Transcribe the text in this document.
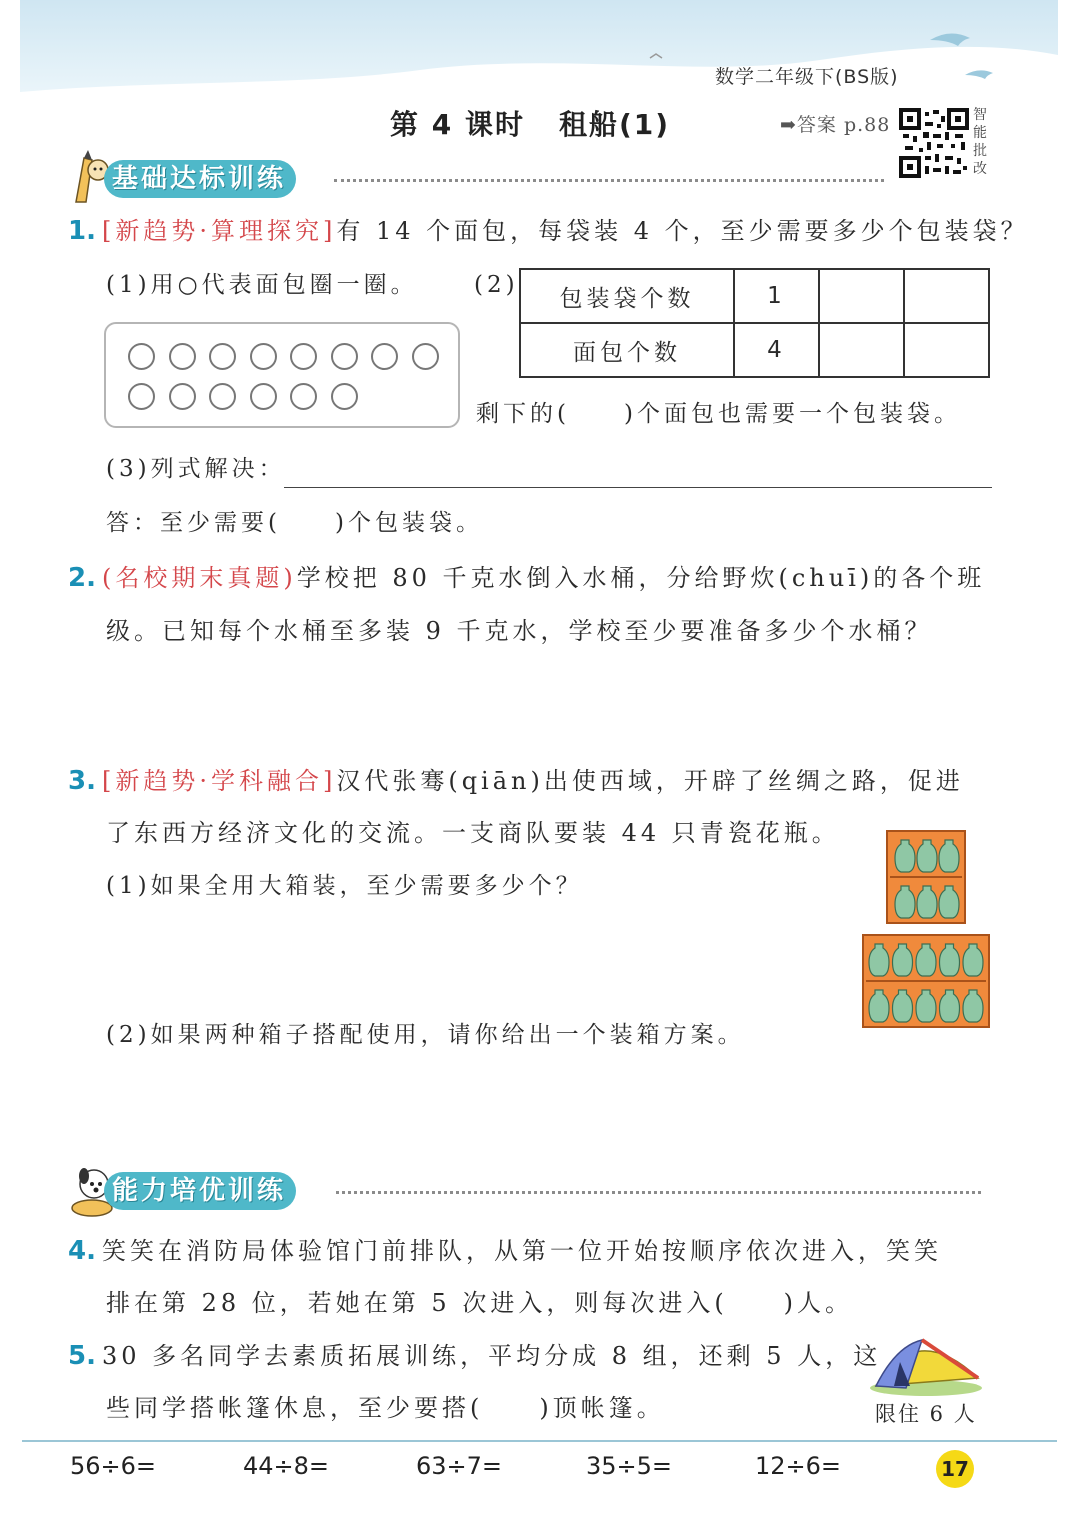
数学二年级下(BS版)
第 4 课时 租船(1)	➡答案 p.88	智能批改
基础达标训练
1. [新趋势·算理探究]有 14 个面包，每袋装 4 个，至少需要多少个包装袋？
(1)用○代表面包圈一圈。 (2)
包装袋个数	1		
面包个数	4		
剩下的(　　)个面包也需要一个包装袋。
(3)列式解决：
答：至少需要(　　)个包装袋。
2. (名校期末真题)学校把 80 千克水倒入水桶，分给野炊(chuī)的各个班
级。已知每个水桶至多装 9 千克水，学校至少要准备多少个水桶？
3. [新趋势·学科融合]汉代张骞(qiān)出使西域，开辟了丝绸之路，促进
了东西方经济文化的交流。一支商队要装 44 只青瓷花瓶。
(1)如果全用大箱装，至少需要多少个？
(2)如果两种箱子搭配使用，请你给出一个装箱方案。
能力培优训练
4. 笑笑在消防局体验馆门前排队，从第一位开始按顺序依次进入，笑笑
排在第 28 位，若她在第 5 次进入，则每次进入(　　)人。
5. 30 多名同学去素质拓展训练，平均分成 8 组，还剩 5 人，这
些同学搭帐篷休息，至少要搭(　　)顶帐篷。	限住 6 人
56÷6=	44÷8=	63÷7=	35÷5=	12÷6=	17
